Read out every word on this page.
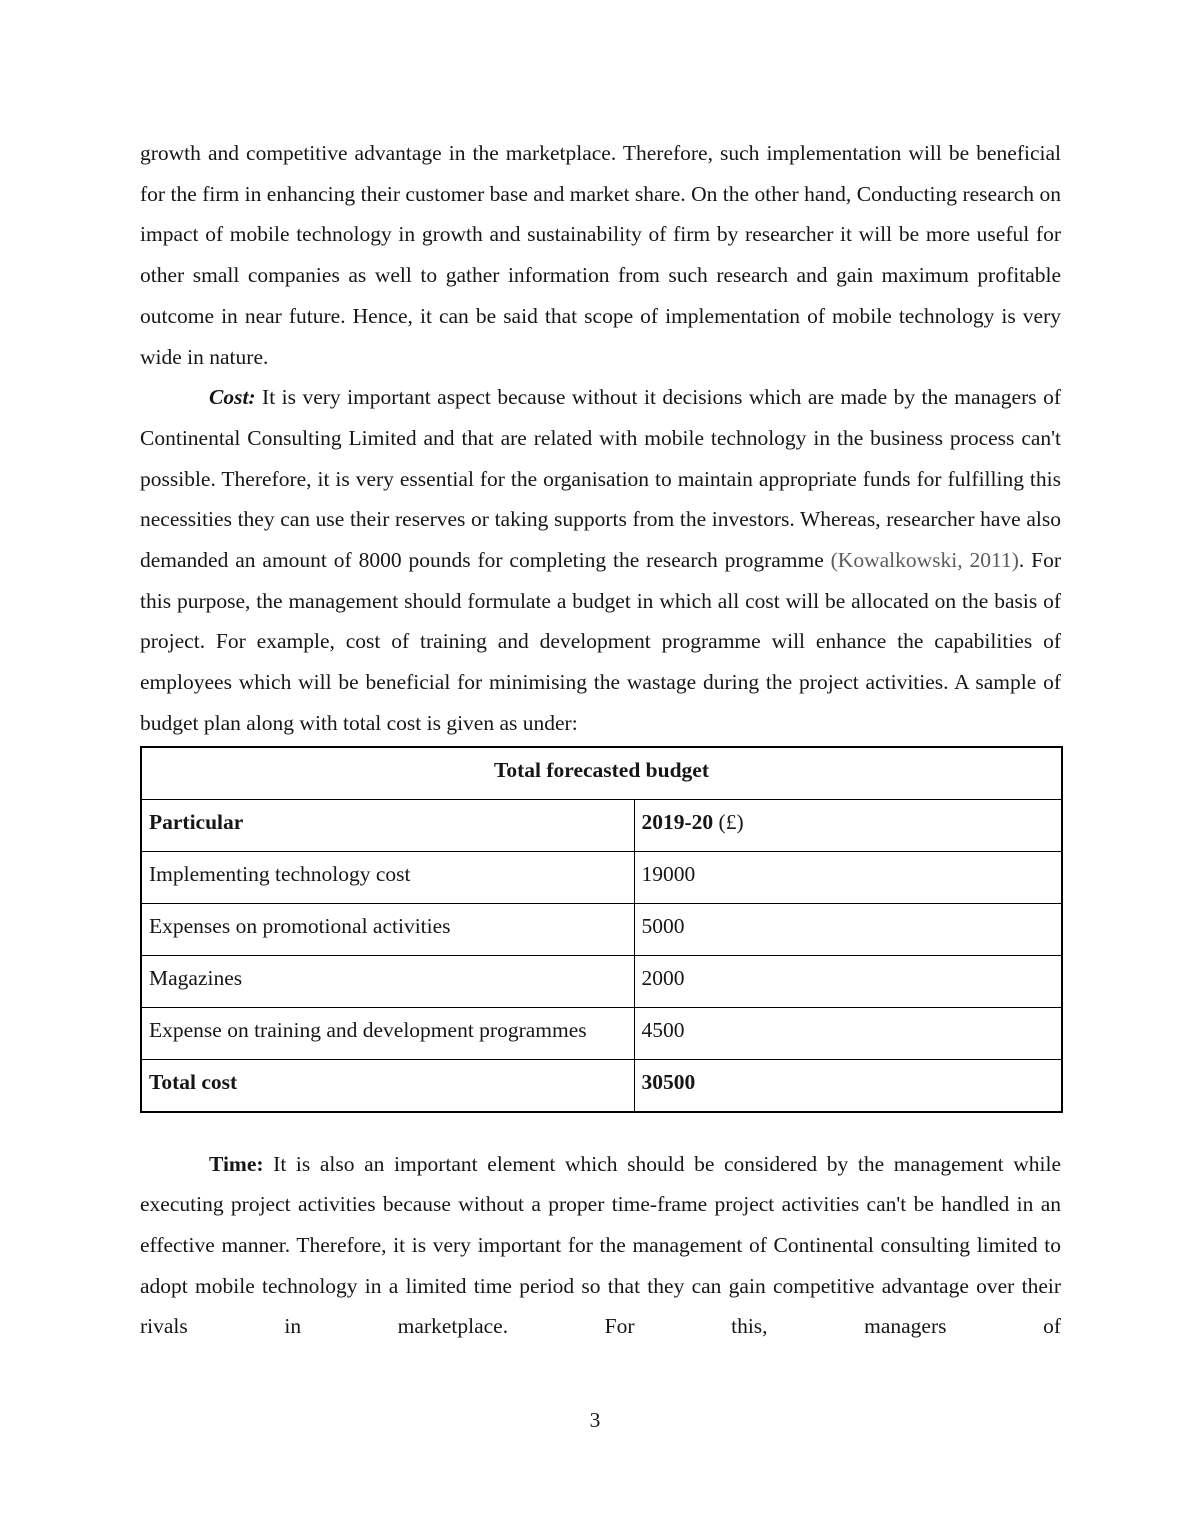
growth and competitive advantage in the marketplace. Therefore, such implementation will be beneficial for the firm in enhancing their customer base and market share. On the other hand, Conducting research on impact of mobile technology in growth and sustainability of firm by researcher it will be more useful for other small companies as well to gather information from such research and gain maximum profitable outcome in near future. Hence, it can be said that scope of implementation of mobile technology is very wide in nature.

Cost: It is very important aspect because without it decisions which are made by the managers of Continental Consulting Limited and that are related with mobile technology in the business process can't possible. Therefore, it is very essential for the organisation to maintain appropriate funds for fulfilling this necessities they can use their reserves or taking supports from the investors. Whereas, researcher have also demanded an amount of 8000 pounds for completing the research programme (Kowalkowski, 2011). For this purpose, the management should formulate a budget in which all cost will be allocated on the basis of project. For example, cost of training and development programme will enhance the capabilities of employees which will be beneficial for minimising the wastage during the project activities. A sample of budget plan along with total cost is given as under:

Total forecasted budget	
Particular	2019-20 (£)
Implementing technology cost	19000
Expenses on promotional activities	5000
Magazines	2000
Expense on training and development programmes	4500
Total cost	30500

Time: It is also an important element which should be considered by the management while executing project activities because without a proper time-frame project activities can't be handled in an effective manner. Therefore, it is very important for the management of Continental consulting limited to adopt mobile technology in a limited time period so that they can gain competitive advantage over their rivals in marketplace. For this, managers of

3
